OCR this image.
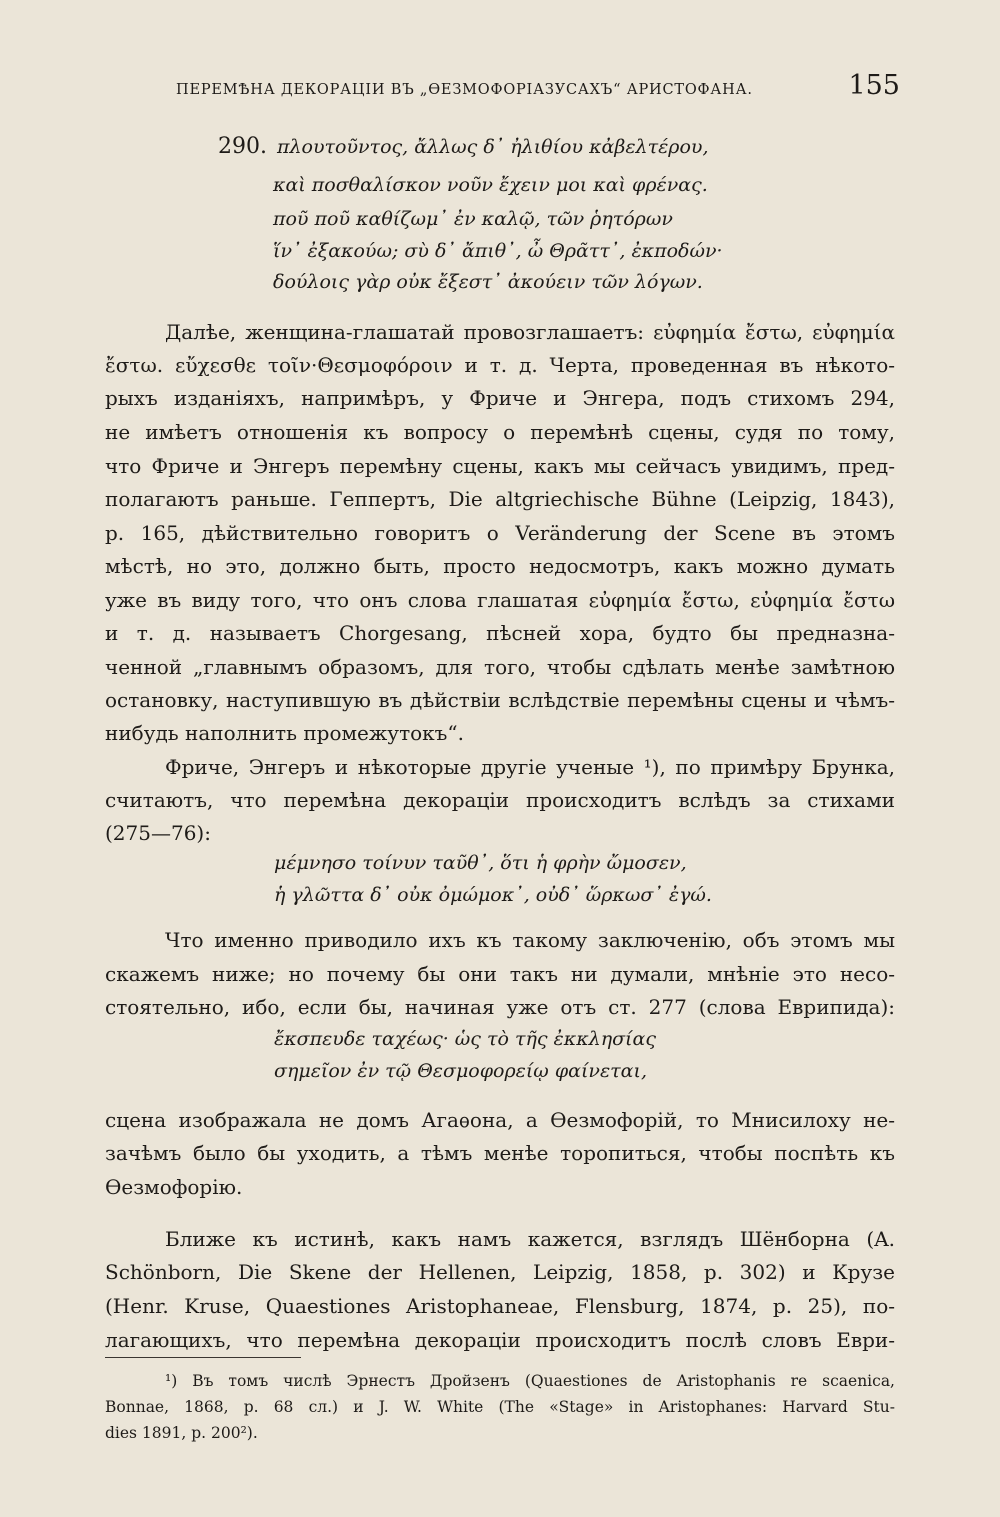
ПЕРЕМѢНА ДЕКОРАЦIИ ВЪ „ѲЕЗМОФОРIАЗУСАХЪ“ АРИСТОФАНА.	155
290. πλουτοῦντος, ἄλλως δ᾽ ἠλιθίου κἀβελτέρου,
καὶ ποσθαλίσκον νοῦν ἔχειν μοι καὶ φρένας.
ποῦ ποῦ καθίζωμ᾽ ἐν καλῷ, τῶν ῥητόρων
ἵν᾽ ἐξακούω; σὺ δ᾽ ἄπιθ᾽, ὦ Θρᾶττ᾽, ἐκποδών·
δούλοις γὰρ οὐκ ἔξεστ᾽ ἀκούειν τῶν λόγων.
Далѣе, женщина-глашатай провозглашаетъ: εὐφημία ἔστω, εὐφημία
ἔστω. εὔχεσθε τοῖν·Θεσμοφόροιν и т. д. Черта, проведенная въ нѣкото-
рыхъ изданiяхъ, напримѣръ, у Фриче и Энгера, подъ стихомъ 294,
не имѣетъ отношенiя къ вопросу о перемѣнѣ сцены, судя по тому,
что Фриче и Энгеръ перемѣну сцены, какъ мы сейчасъ увидимъ, пред-
полагаютъ раньше. Геппертъ, Die altgriechische Bühne (Leipzig, 1843),
p. 165, дѣйствительно говоритъ о Veränderung der Scene въ этомъ
мѣстѣ, но это, должно быть, просто недосмотръ, какъ можно думать
уже въ виду того, что онъ слова глашатая εὐφημία ἔστω, εὐφημία ἔστω
и т. д. называетъ Chorgesang, пѣсней хора, будто бы предназна-
ченной „главнымъ образомъ, для того, чтобы сдѣлать менѣе замѣтною
остановку, наступившую въ дѣйствiи вслѣдствiе перемѣны сцены и чѣмъ-
нибудь наполнить промежутокъ“.
Фриче, Энгеръ и нѣкоторые другiе ученые ¹), по примѣру Брунка,
считаютъ, что перемѣна декорацiи происходитъ вслѣдъ за стихами
(275—76):
μέμνησο τοίνυν ταῦθ᾽, ὅτι ἡ φρὴν ὤμοσεν,
ἡ γλῶττα δ᾽ οὐκ ὀμώμοκ᾽, οὐδ᾽ ὥρκωσ᾽ ἐγώ.
Что именно приводило ихъ къ такому заключенiю, объ этомъ мы
скажемъ ниже; но почему бы они такъ ни думали, мнѣнiе это несо-
стоятельно, ибо, если бы, начиная уже отъ ст. 277 (слова Еврипида):
ἔκσπευδε ταχέως· ὡς τὸ τῆς ἐκκλησίας
σημεῖον ἐν τῷ Θεσμοφορείῳ φαίνεται,
сцена изображала не домъ Агаѳона, а Ѳезмофорiй, то Мнисилоху не-
зачѣмъ было бы уходить, а тѣмъ менѣе торопиться, чтобы поспѣть къ
Ѳезмофорiю.
Ближе къ истинѣ, какъ намъ кажется, взглядъ Шёнборна (A.
Schönborn, Die Skene der Hellenen, Leipzig, 1858, p. 302) и Крузе
(Henr. Kruse, Quaestiones Aristophaneae, Flensburg, 1874, p. 25), по-
лагающихъ, что перемѣна декорацiи происходитъ послѣ словъ Еври-
¹) Въ томъ числѣ Эрнестъ Дройзенъ (Quaestiones de Aristophanis re scaenica,
Bonnae, 1868, p. 68 сл.) и J. W. White (The «Stage» in Aristophanes: Harvard Stu-
dies 1891, p. 200²).
